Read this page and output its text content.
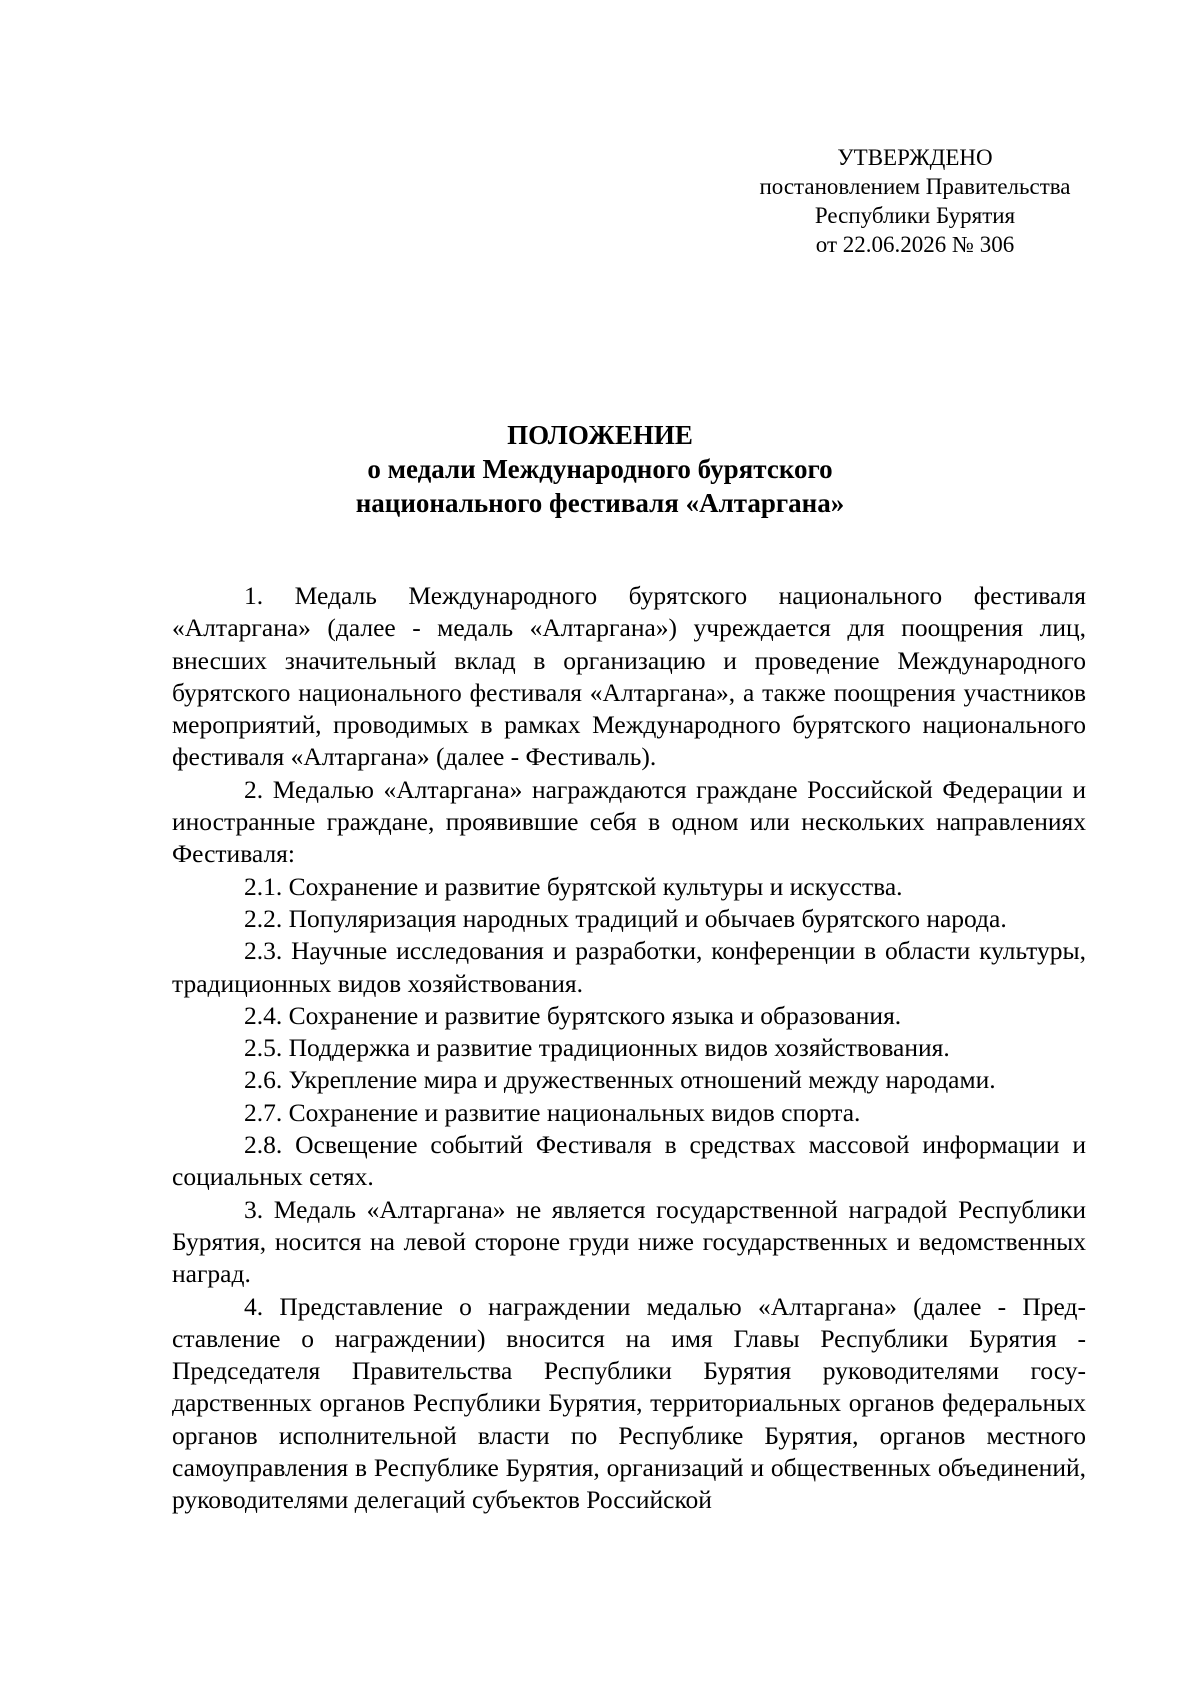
УТВЕРЖДЕНО
постановлением Правительства
Республики Бурятия
от 22.06.2026 № 306
ПОЛОЖЕНИЕ
о медали Международного бурятского
национального фестиваля «Алтаргана»

1. Медаль Международного бурятского национального фестиваля «Алтаргана» (далее - медаль «Алтаргана») учреждается для поощрения лиц, внесших значительный вклад в организацию и проведение Международного бурятского национального фестиваля «Алтаргана», а также поощрения участников мероприятий, проводимых в рамках Международного бурятского национального фестиваля «Алтаргана» (далее - Фестиваль).

2. Медалью «Алтаргана» награждаются граждане Российской Федерации и иностранные граждане, проявившие себя в одном или нескольких направлениях Фестиваля:

2.1. Сохранение и развитие бурятской культуры и искусства.

2.2. Популяризация народных традиций и обычаев бурятского народа.

2.3. Научные исследования и разработки, конференции в области культуры, традиционных видов хозяйствования.

2.4. Сохранение и развитие бурятского языка и образования.

2.5. Поддержка и развитие традиционных видов хозяйствования.

2.6. Укрепление мира и дружественных отношений между народами.

2.7. Сохранение и развитие национальных видов спорта.

2.8. Освещение событий Фестиваля в средствах массовой информации и социальных сетях.

3. Медаль «Алтаргана» не является государственной наградой Республики Бурятия, носится на левой стороне груди ниже государственных и ведомственных наград.

4. Представление о награждении медалью «Алтаргана» (далее - Представление о награждении) вносится на имя Главы Республики Бурятия - Председателя Правительства Республики Бурятия руководителями государственных органов Республики Бурятия, территориальных органов федеральных органов исполнительной власти по Республике Бурятия, органов местного самоуправления в Республике Бурятия, организаций и общественных объединений, руководителями делегаций субъектов Российской
